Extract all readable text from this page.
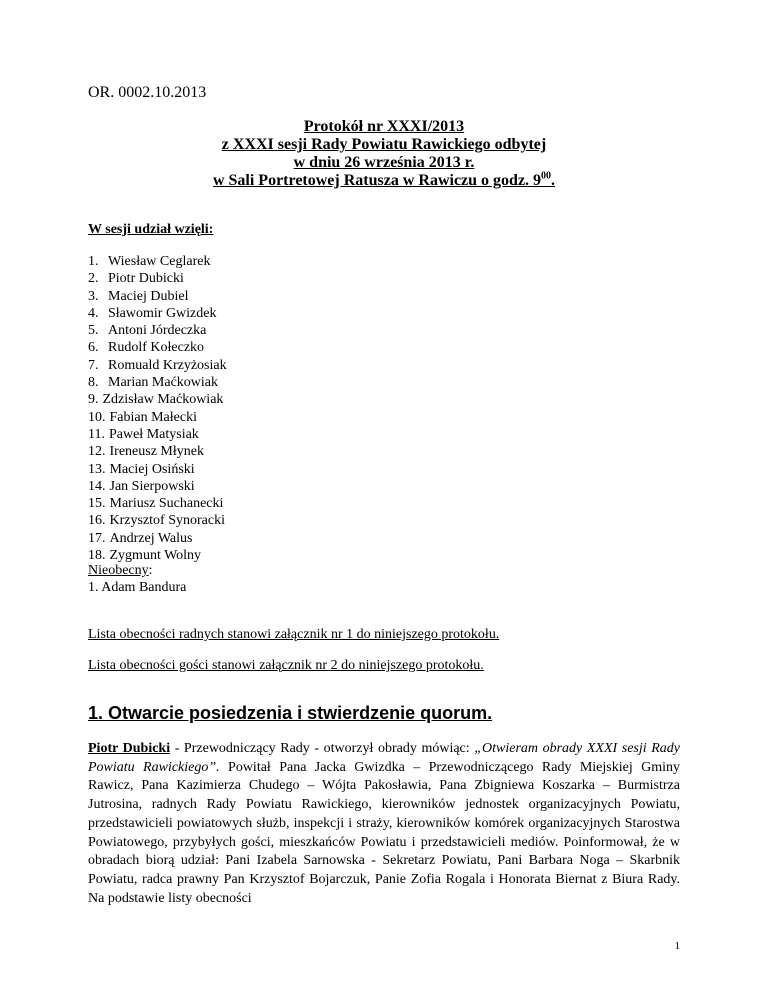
OR. 0002.10.2013
Protokół nr XXXI/2013
z XXXI sesji Rady Powiatu Rawickiego odbytej
w dniu 26 września 2013 r.
w Sali Portretowej Ratusza w Rawiczu o godz. $9^{00}$.
W sesji udział wzięli:
1. Wiesław Ceglarek
2. Piotr Dubicki
3. Maciej Dubiel
4. Sławomir Gwizdek
5. Antoni Jórdeczka
6. Rudolf Kołeczko
7. Romuald Krzyżosiak
8. Marian Maćkowiak
9. Zdzisław Maćkowiak
10. Fabian Małecki
11. Paweł Matysiak
12. Ireneusz Młynek
13. Maciej Osiński
14. Jan Sierpowski
15. Mariusz Suchanecki
16. Krzysztof Synoracki
17. Andrzej Walus
18. Zygmunt Wolny
Nieobecny:
1. Adam Bandura
Lista obecności radnych stanowi załącznik nr 1 do niniejszego protokołu.
Lista obecności gości stanowi załącznik nr 2 do niniejszego protokołu.
1. Otwarcie posiedzenia i stwierdzenie quorum.
Piotr Dubicki - Przewodniczący Rady - otworzył obrady mówiąc: „Otwieram obrady XXXI sesji Rady Powiatu Rawickiego”. Powitał Pana Jacka Gwizdka – Przewodniczącego Rady Miejskiej Gminy Rawicz, Pana Kazimierza Chudego – Wójta Pakosławia, Pana Zbigniewa Koszarka – Burmistrza Jutrosina, radnych Rady Powiatu Rawickiego, kierowników jednostek organizacyjnych Powiatu, przedstawicieli powiatowych służb, inspekcji i straży, kierowników komórek organizacyjnych Starostwa Powiatowego, przybyłych gości, mieszkańców Powiatu i przedstawicieli mediów. Poinformował, że w obradach biorą udział: Pani Izabela Sarnowska - Sekretarz Powiatu, Pani Barbara Noga – Skarbnik Powiatu, radca prawny Pan Krzysztof Bojarczuk, Panie Zofia Rogala i Honorata Biernat z Biura Rady. Na podstawie listy obecności
1
